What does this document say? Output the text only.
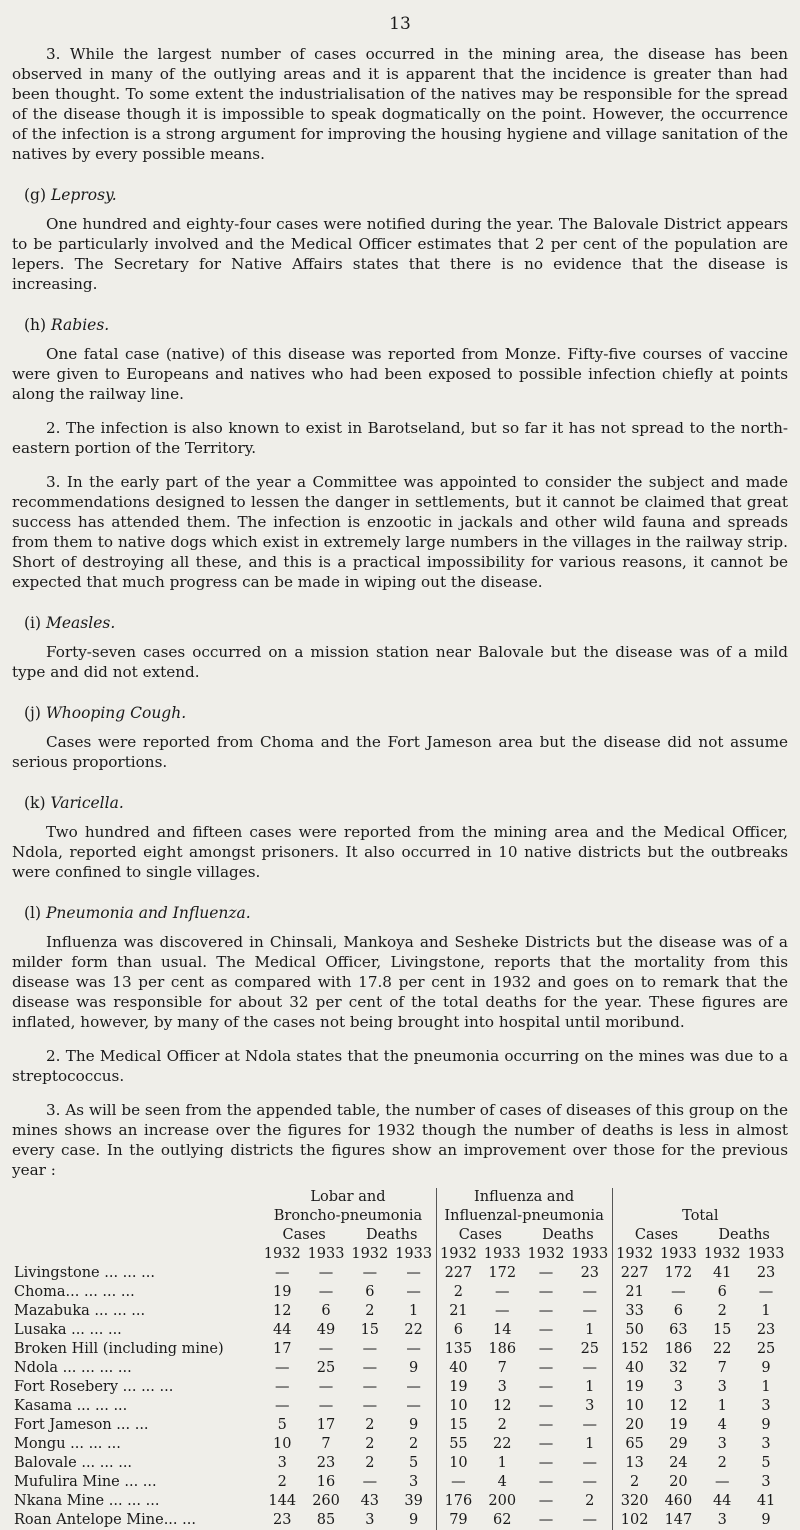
13

3. While the largest number of cases occurred in the mining area, the disease has been observed in many of the outlying areas and it is apparent that the incidence is greater than had been thought. To some extent the industrialisation of the natives may be responsible for the spread of the disease though it is impossible to speak dogmatically on the point. However, the occurrence of the infection is a strong argument for improving the housing hygiene and village sanitation of the natives by every possible means.

(g) Leprosy.

One hundred and eighty-four cases were notified during the year. The Balovale District appears to be particularly involved and the Medical Officer estimates that 2 per cent of the population are lepers. The Secretary for Native Affairs states that there is no evidence that the disease is increasing.

(h) Rabies.

One fatal case (native) of this disease was reported from Monze. Fifty-five courses of vaccine were given to Europeans and natives who had been exposed to possible infection chiefly at points along the railway line.

2. The infection is also known to exist in Barotseland, but so far it has not spread to the north-eastern portion of the Territory.

3. In the early part of the year a Committee was appointed to consider the subject and made recommendations designed to lessen the danger in settlements, but it cannot be claimed that great success has attended them. The infection is enzootic in jackals and other wild fauna and spreads from them to native dogs which exist in extremely large numbers in the villages in the railway strip. Short of destroying all these, and this is a practical impossibility for various reasons, it cannot be expected that much progress can be made in wiping out the disease.

(i) Measles.

Forty-seven cases occurred on a mission station near Balovale but the disease was of a mild type and did not extend.

(j) Whooping Cough.

Cases were reported from Choma and the Fort Jameson area but the disease did not assume serious proportions.

(k) Varicella.

Two hundred and fifteen cases were reported from the mining area and the Medical Officer, Ndola, reported eight amongst prisoners. It also occurred in 10 native districts but the outbreaks were confined to single villages.

(l) Pneumonia and Influenza.

Influenza was discovered in Chinsali, Mankoya and Sesheke Districts but the disease was of a milder form than usual. The Medical Officer, Livingstone, reports that the mortality from this disease was 13 per cent as compared with 17.8 per cent in 1932 and goes on to remark that the disease was responsible for about 32 per cent of the total deaths for the year. These figures are inflated, however, by many of the cases not being brought into hospital until moribund.

2. The Medical Officer at Ndola states that the pneumonia occurring on the mines was due to a streptococcus.

3. As will be seen from the appended table, the number of cases of diseases of this group on the mines shows an increase over the figures for 1932 though the number of deaths is less in almost every case. In the outlying districts the figures show an improvement over those for the previous year :

	Lobar and				Influenza and							
	Broncho-pneumonia				Influenzal-pneumonia				Total			
	Cases		Deaths		Cases		Deaths		Cases		Deaths	
	1932	1933	1932	1933	1932	1933	1932	1933	1932	1933	1932	1933
Livingstone ... ... ...	—	—	—	—	227	172	—	23	227	172	41	23
Choma... ... ... ...	19	—	6	—	2	—	—	—	21	—	6	—
Mazabuka ... ... ...	12	6	2	1	21	—	—	—	33	6	2	1
Lusaka ... ... ...	44	49	15	22	6	14	—	1	50	63	15	23
Broken Hill (including mine)	17	—	—	—	135	186	—	25	152	186	22	25
Ndola ... ... ... ...	—	25	—	9	40	7	—	—	40	32	7	9
Fort Rosebery ... ... ...	—	—	—	—	19	3	—	1	19	3	3	1
Kasama ... ... ...	—	—	—	—	10	12	—	3	10	12	1	3
Fort Jameson ... ...	5	17	2	9	15	2	—	—	20	19	4	9
Mongu ... ... ...	10	7	2	2	55	22	—	1	65	29	3	3
Balovale ... ... ...	3	23	2	5	10	1	—	—	13	24	2	5
Mufulira Mine ... ...	2	16	—	3	—	4	—	—	2	20	—	3
Nkana Mine ... ... ...	144	260	43	39	176	200	—	2	320	460	44	41
Roan Antelope Mine... ...	23	85	3	9	79	62	—	—	102	147	3	9
